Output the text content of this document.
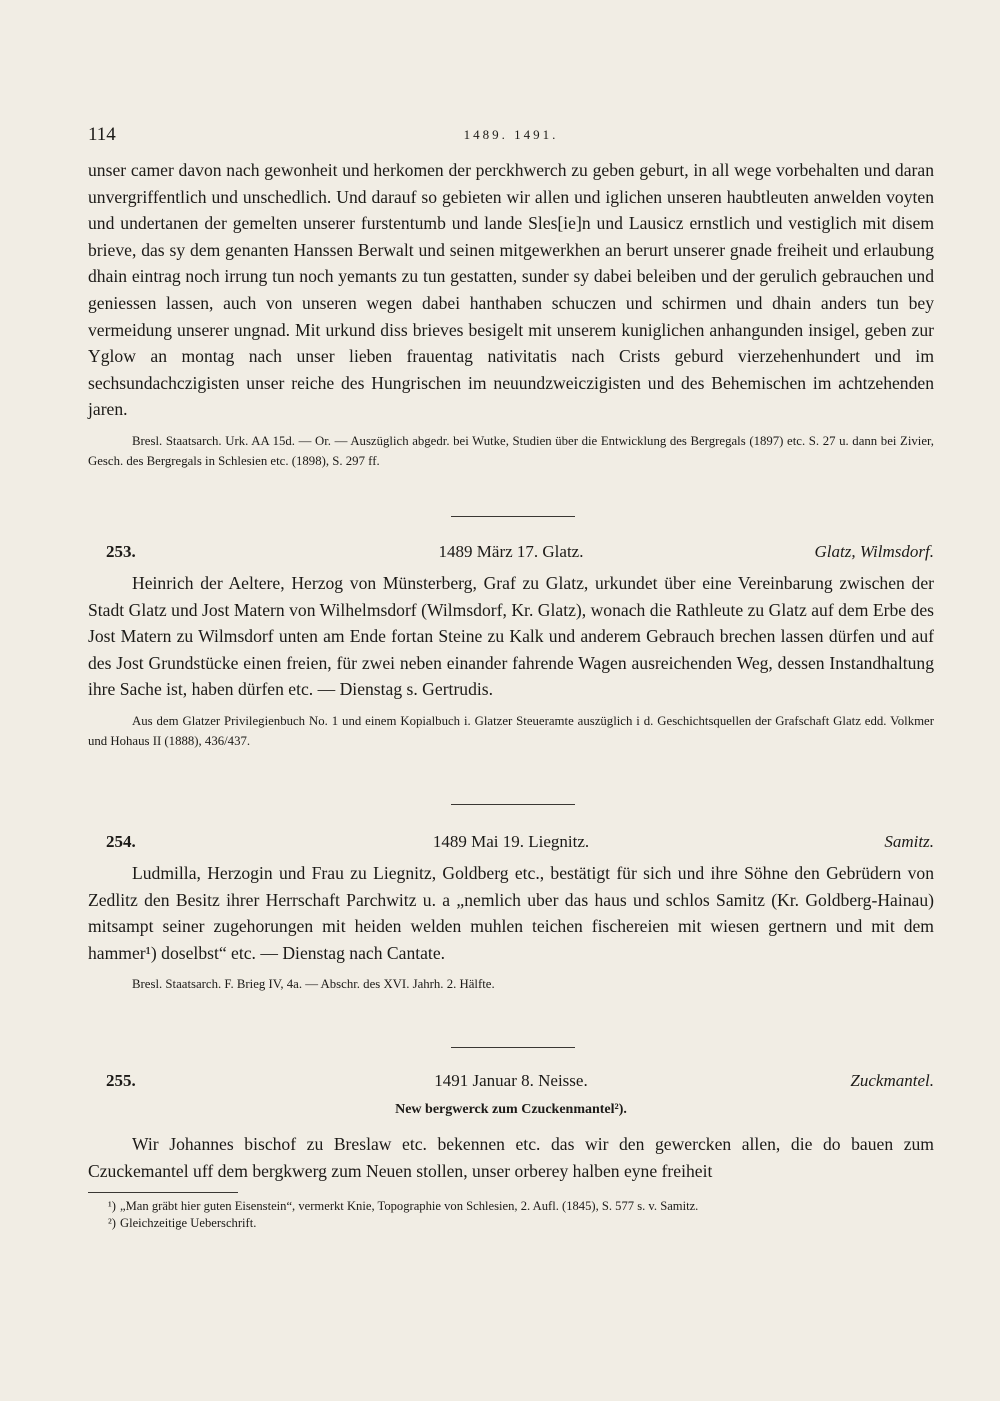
114	1489. 1491.

unser camer davon nach gewonheit und herkomen der perckhwerch zu geben geburt, in all wege vorbehalten und daran unvergriffentlich und unschedlich. Und darauf so gebieten wir allen und iglichen unseren haubtleuten anwelden voyten und undertanen der gemelten unserer furstentumb und lande Sles[ie]n und Lausicz ernstlich und vestiglich mit disem brieve, das sy dem genanten Hanssen Berwalt und seinen mitgewerkhen an berurt unserer gnade freiheit und erlaubung dhain eintrag noch irrung tun noch yemants zu tun gestatten, sunder sy dabei beleiben und der gerulich gebrauchen und geniessen lassen, auch von unseren wegen dabei hanthaben schuczen und schirmen und dhain anders tun bey vermeidung unserer ungnad. Mit urkund diss brieves besigelt mit unserem kuniglichen anhangunden insigel, geben zur Yglow an montag nach unser lieben frauentag nativitatis nach Crists geburd vierzehenhundert und im sechsundachczigisten unser reiche des Hungrischen im neuundzweiczigisten und des Behemischen im achtzehenden jaren.

Bresl. Staatsarch. Urk. AA 15d. — Or. — Auszüglich abgedr. bei Wutke, Studien über die Entwicklung des Bergregals (1897) etc. S. 27 u. dann bei Zivier, Gesch. des Bergregals in Schlesien etc. (1898), S. 297 ff.

253.	1489 März 17. Glatz.	Glatz, Wilmsdorf.

Heinrich der Aeltere, Herzog von Münsterberg, Graf zu Glatz, urkundet über eine Vereinbarung zwischen der Stadt Glatz und Jost Matern von Wilhelmsdorf (Wilmsdorf, Kr. Glatz), wonach die Rathleute zu Glatz auf dem Erbe des Jost Matern zu Wilmsdorf unten am Ende fortan Steine zu Kalk und anderem Gebrauch brechen lassen dürfen und auf des Jost Grundstücke einen freien, für zwei neben einander fahrende Wagen ausreichenden Weg, dessen Instandhaltung ihre Sache ist, haben dürfen etc. — Dienstag s. Gertrudis.

Aus dem Glatzer Privilegienbuch No. 1 und einem Kopialbuch i. Glatzer Steueramte auszüglich i d. Geschichtsquellen der Grafschaft Glatz edd. Volkmer und Hohaus II (1888), 436/437.

254.	1489 Mai 19. Liegnitz.	Samitz.

Ludmilla, Herzogin und Frau zu Liegnitz, Goldberg etc., bestätigt für sich und ihre Söhne den Gebrüdern von Zedlitz den Besitz ihrer Herrschaft Parchwitz u. a „nemlich uber das haus und schlos Samitz (Kr. Goldberg-Hainau) mitsampt seiner zugehorungen mit heiden welden muhlen teichen fischereien mit wiesen gertnern und mit dem hammer¹) doselbst“ etc. — Dienstag nach Cantate.

Bresl. Staatsarch. F. Brieg IV, 4a. — Abschr. des XVI. Jahrh. 2. Hälfte.

255.	1491 Januar 8. Neisse.	Zuckmantel.
New bergwerck zum Czuckenmantel²).

Wir Johannes bischof zu Breslaw etc. bekennen etc. das wir den gewercken allen, die do bauen zum Czuckemantel uff dem bergkwerg zum Neuen stollen, unser orberey halben eyne freiheit

¹) „Man gräbt hier guten Eisenstein“, vermerkt Knie, Topographie von Schlesien, 2. Aufl. (1845), S. 577 s. v. Samitz.

²) Gleichzeitige Ueberschrift.
